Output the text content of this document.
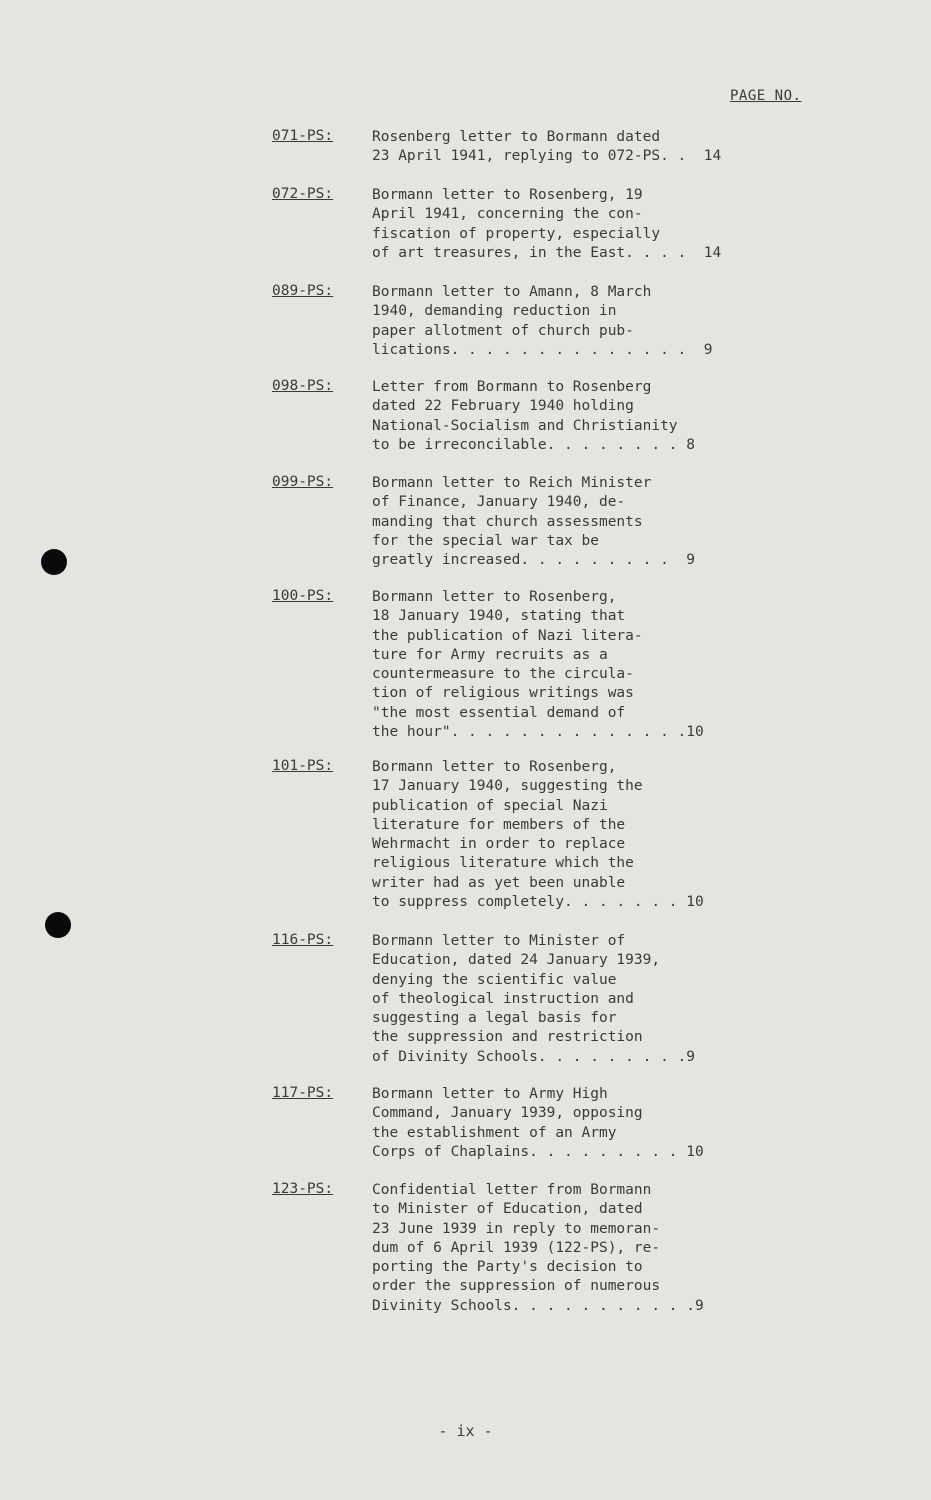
PAGE NO.
071-PS:	Rosenberg letter to Bormann dated
23 April 1941, replying to 072-PS. .  14
072-PS:	Bormann letter to Rosenberg, 19
April 1941, concerning the con-
fiscation of property, especially
of art treasures, in the East. . . .  14
089-PS:	Bormann letter to Amann, 8 March
1940, demanding reduction in
paper allotment of church pub-
lications. . . . . . . . . . . . . .  9
098-PS:	Letter from Bormann to Rosenberg
dated 22 February 1940 holding
National-Socialism and Christianity
to be irreconcilable. . . . . . . . 8
099-PS:	Bormann letter to Reich Minister
of Finance, January 1940, de-
manding that church assessments
for the special war tax be
greatly increased. . . . . . . . .  9
100-PS:	Bormann letter to Rosenberg,
18 January 1940, stating that
the publication of Nazi litera-
ture for Army recruits as a
countermeasure to the circula-
tion of religious writings was
"the most essential demand of
the hour". . . . . . . . . . . . . .10
101-PS:	Bormann letter to Rosenberg,
17 January 1940, suggesting the
publication of special Nazi
literature for members of the
Wehrmacht in order to replace
religious literature which the
writer had as yet been unable
to suppress completely. . . . . . . 10
116-PS:	Bormann letter to Minister of
Education, dated 24 January 1939,
denying the scientific value
of theological instruction and
suggesting a legal basis for
the suppression and restriction
of Divinity Schools. . . . . . . . .9
117-PS:	Bormann letter to Army High
Command, January 1939, opposing
the establishment of an Army
Corps of Chaplains. . . . . . . . . 10
123-PS:	Confidential letter from Bormann
to Minister of Education, dated
23 June 1939 in reply to memoran-
dum of 6 April 1939 (122-PS), re-
porting the Party's decision to
order the suppression of numerous
Divinity Schools. . . . . . . . . . .9
- ix -
